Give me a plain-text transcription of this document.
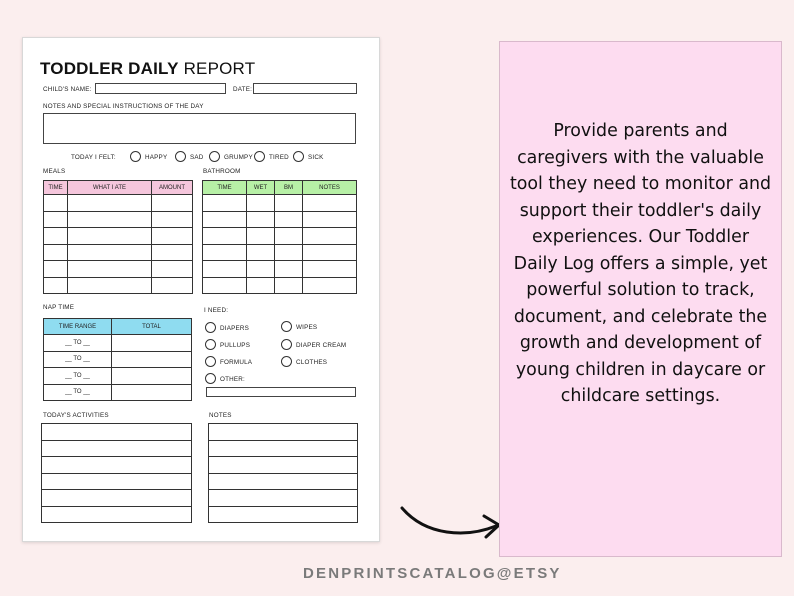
TODDLER DAILY REPORT
CHILD'S NAME:	DATE:
NOTES AND SPECIAL INSTRUCTIONS OF THE DAY
TODAY I FELT:
MEALS
TIME	WHAT I ATE	AMOUNT

BATHROOM
TIME	WET	BM	NOTES

NAP TIME
TIME RANGE	TOTAL
__ TO __	
__ TO __	
__ TO __	
__ TO __	
I NEED:
TODAY'S ACTIVITIES	NOTES

HAPPY	SAD	GRUMPY	TIRED	SICK
DIAPERS
PULLUPS
FORMULA
OTHER:
WIPES
DIAPER CREAM
CLOTHES

Provide parents and caregivers with the valuable tool they need to monitor and support their toddler's daily experiences. Our Toddler Daily Log offers a simple, yet powerful solution to track, document, and celebrate the growth and development of young children in daycare or childcare settings.

DENPRINTSCATALOG@ETSY
